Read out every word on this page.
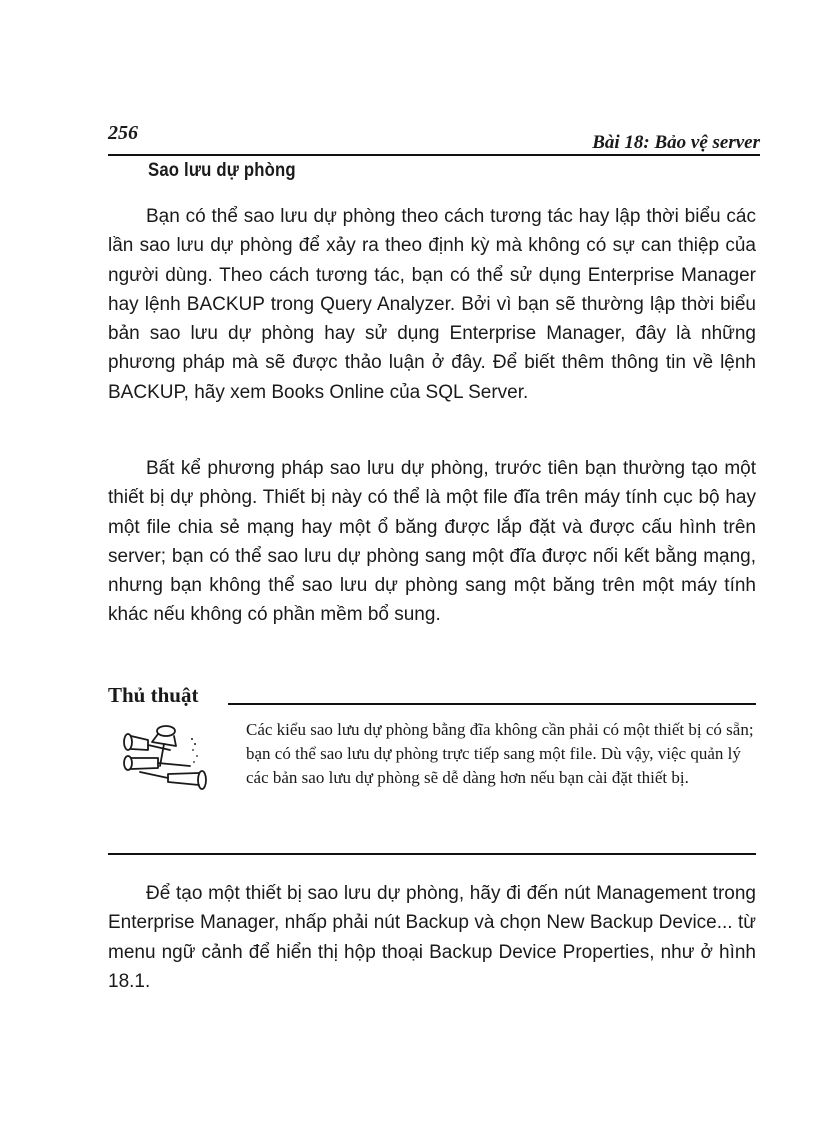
256	Bài 18: Bảo vệ server
Sao lưu dự phòng

Bạn có thể sao lưu dự phòng theo cách tương tác hay lập thời biểu các lần sao lưu dự phòng để xảy ra theo định kỳ mà không có sự can thiệp của người dùng. Theo cách tương tác, bạn có thể sử dụng Enterprise Manager hay lệnh BACKUP trong Query Analyzer. Bởi vì bạn sẽ thường lập thời biểu bản sao lưu dự phòng hay sử dụng Enterprise Manager, đây là những phương pháp mà sẽ được thảo luận ở đây. Để biết thêm thông tin về lệnh BACKUP, hãy xem Books Online của SQL Server.

Bất kể phương pháp sao lưu dự phòng, trước tiên bạn thường tạo một thiết bị dự phòng. Thiết bị này có thể là một file đĩa trên máy tính cục bộ hay một file chia sẻ mạng hay một ổ băng được lắp đặt và được cấu hình trên server; bạn có thể sao lưu dự phòng sang một đĩa được nối kết bằng mạng, nhưng bạn không thể sao lưu dự phòng sang một băng trên một máy tính khác nếu không có phần mềm bổ sung.

Thủ thuật

Các kiểu sao lưu dự phòng bằng đĩa không cần phải có một thiết bị có sẵn; bạn có thể sao lưu dự phòng trực tiếp sang một file. Dù vậy, việc quản lý các bản sao lưu dự phòng sẽ dễ dàng hơn nếu bạn cài đặt thiết bị.

Để tạo một thiết bị sao lưu dự phòng, hãy đi đến nút Management trong Enterprise Manager, nhấp phải nút Backup và chọn New Backup Device... từ menu ngữ cảnh để hiển thị hộp thoại Backup Device Properties, như ở hình 18.1.
